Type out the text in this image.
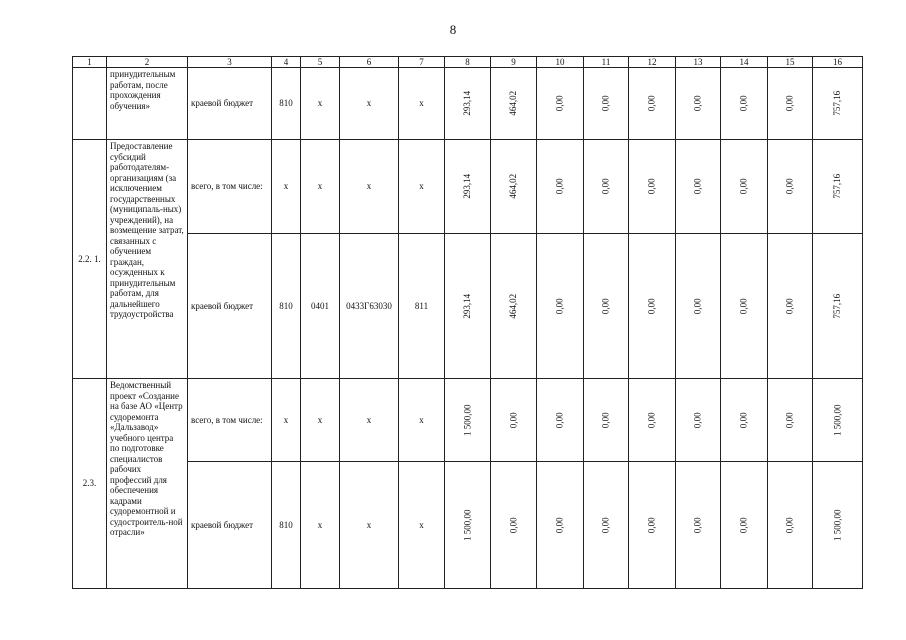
8
1	2	3	4	5	6	7	8	9	10	11	12	13	14	15	16
	принудительным работам, после прохождения обучения»	краевой бюджет	810	x	x	x	293,14	464,02	0,00	0,00	0,00	0,00	0,00	0,00	757,16
2.2. 1.	Предоставление субсидий работодателям-организациям (за исключением государственных (муниципаль-ных) учреждений), на возмещение затрат, связанных с обучением граждан, осужденных к принудительным работам, для дальнейшего трудоустройства	всего, в том числе:	x	x	x	x	293,14	464,02	0,00	0,00	0,00	0,00	0,00	0,00	757,16
		краевой бюджет	810	0401	0433Г63030	811	293,14	464,02	0,00	0,00	0,00	0,00	0,00	0,00	757,16
2.3.	Ведомственный проект «Создание на базе АО «Центр судоремонта «Дальзавод» учебного центра по подготовке специалистов рабочих профессий для обеспечения кадрами судоремонтной и судостроитель-ной отрасли»	всего, в том числе:	x	x	x	x	1 500,00	0,00	0,00	0,00	0,00	0,00	0,00	0,00	1 500,00
		краевой бюджет	810	x	x	x	1 500,00	0,00	0,00	0,00	0,00	0,00	0,00	0,00	1 500,00
